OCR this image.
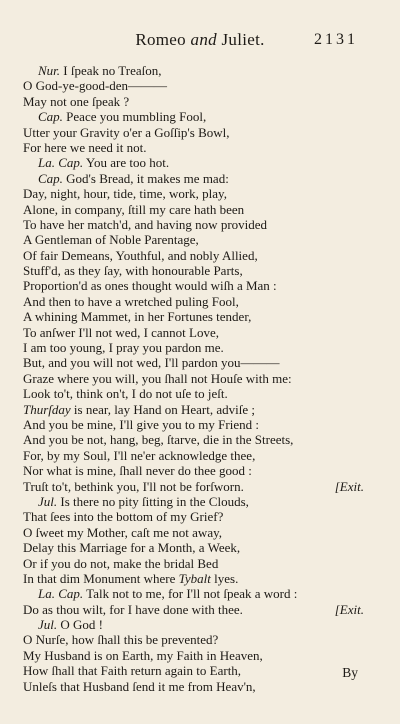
Romeo and Juliet.	2131
Nur. I ſpeak no Treaſon,
O God-ye-good-den———
May not one ſpeak ?
Cap. Peace you mumbling Fool,
Utter your Gravity o'er a Goſſip's Bowl,
For here we need it not.
La. Cap. You are too hot.
Cap. God's Bread, it makes me mad:
Day, night, hour, tide, time, work, play,
Alone, in company, ſtill my care hath been
To have her match'd, and having now provided
A Gentleman of Noble Parentage,
Of fair Demeans, Youthful, and nobly Allied,
Stuff'd, as they ſay, with honourable Parts,
Proportion'd as ones thought would wiſh a Man :
And then to have a wretched puling Fool,
A whining Mammet, in her Fortunes tender,
To anſwer I'll not wed, I cannot Love,
I am too young, I pray you pardon me.
But, and you will not wed, I'll pardon you———
Graze where you will, you ſhall not Houſe with me:
Look to't, think on't, I do not uſe to jeſt.
Thurſday is near, lay Hand on Heart, adviſe ;
And you be mine, I'll give you to my Friend :
And you be not, hang, beg, ſtarve, die in the Streets,
For, by my Soul, I'll ne'er acknowledge thee,
Nor what is mine, ſhall never do thee good :
Truſt to't, bethink you, I'll not be forſworn.	[Exit.
Jul. Is there no pity ſitting in the Clouds,
That ſees into the bottom of my Grief?
O ſweet my Mother, caſt me not away,
Delay this Marriage for a Month, a Week,
Or if you do not, make the bridal Bed
In that dim Monument where Tybalt lyes.
La. Cap. Talk not to me, for I'll not ſpeak a word :
Do as thou wilt, for I have done with thee.	[Exit.
Jul. O God !
O Nurſe, how ſhall this be prevented?
My Husband is on Earth, my Faith in Heaven,
How ſhall that Faith return again to Earth,
Unleſs that Husband ſend it me from Heav'n,
By
